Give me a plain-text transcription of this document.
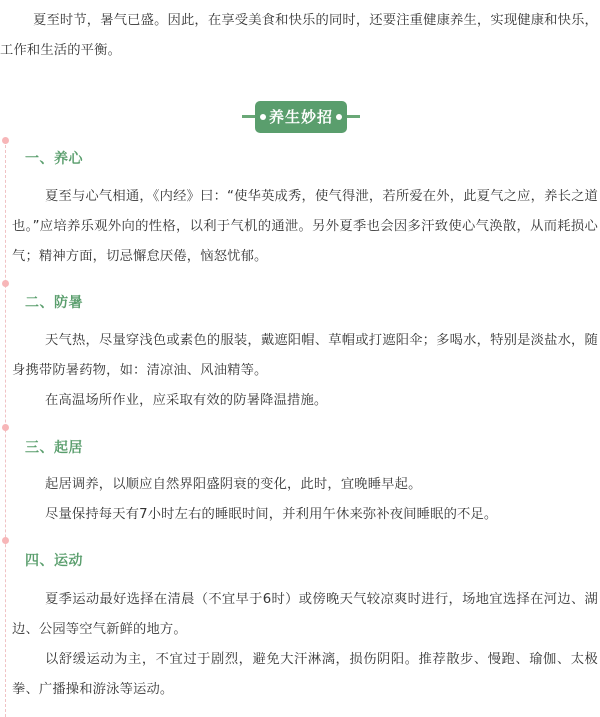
夏至时节，暑气已盛。因此，在享受美食和快乐的同时，还要注重健康养生，实现健康和快乐，工作和生活的平衡。

养生妙招
一、养心

夏至与心气相通，《内经》曰：“使华英成秀，使气得泄，若所爱在外，此夏气之应，养长之道也。”应培养乐观外向的性格，以利于气机的通泄。另外夏季也会因多汗致使心气涣散，从而耗损心气；精神方面，切忌懈怠厌倦，恼怒忧郁。

二、防暑

天气热，尽量穿浅色或素色的服装，戴遮阳帽、草帽或打遮阳伞；多喝水，特别是淡盐水，随身携带防暑药物，如：清凉油、风油精等。

在高温场所作业，应采取有效的防暑降温措施。

三、起居

起居调养，以顺应自然界阳盛阴衰的变化，此时，宜晚睡早起。

尽量保持每天有7小时左右的睡眠时间，并利用午休来弥补夜间睡眠的不足。

四、运动

夏季运动最好选择在清晨（不宜早于6时）或傍晚天气较凉爽时进行，场地宜选择在河边、湖边、公园等空气新鲜的地方。

以舒缓运动为主，不宜过于剧烈，避免大汗淋漓，损伤阴阳。推荐散步、慢跑、瑜伽、太极拳、广播操和游泳等运动。
